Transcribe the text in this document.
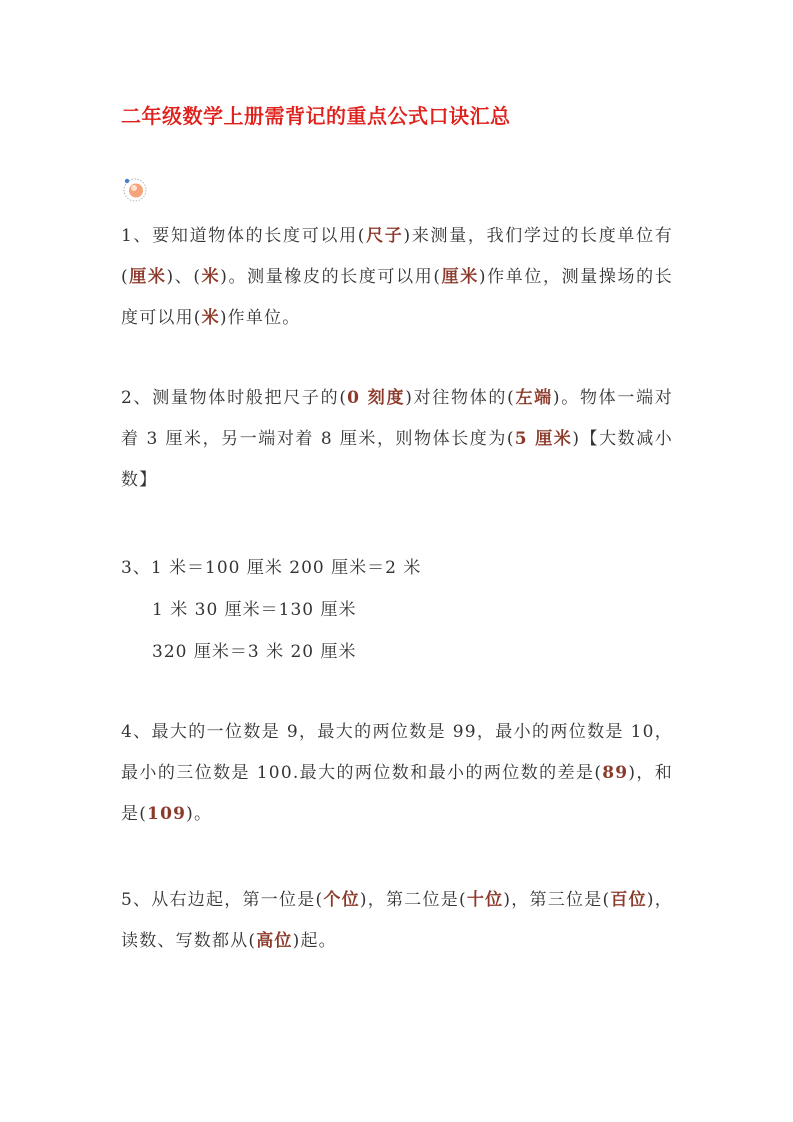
二年级数学上册需背记的重点公式口诀汇总
1、要知道物体的长度可以用(尺子)来测量，我们学过的长度单位有(厘米)、(米)。测量橡皮的长度可以用(厘米)作单位，测量操场的长度可以用(米)作单位。
2、测量物体时般把尺子的(0 刻度)对往物体的(左端)。物体一端对着 3 厘米，另一端对着 8 厘米，则物体长度为(5 厘米)【大数减小数】
3、1 米＝100 厘米 200 厘米＝2 米
1 米 30 厘米＝130 厘米
320 厘米＝3 米 20 厘米
4、最大的一位数是 9，最大的两位数是 99，最小的两位数是 10，最小的三位数是 100.最大的两位数和最小的两位数的差是(89)，和是(109)。
5、从右边起，第一位是(个位)，第二位是(十位)，第三位是(百位)，读数、写数都从(高位)起。
